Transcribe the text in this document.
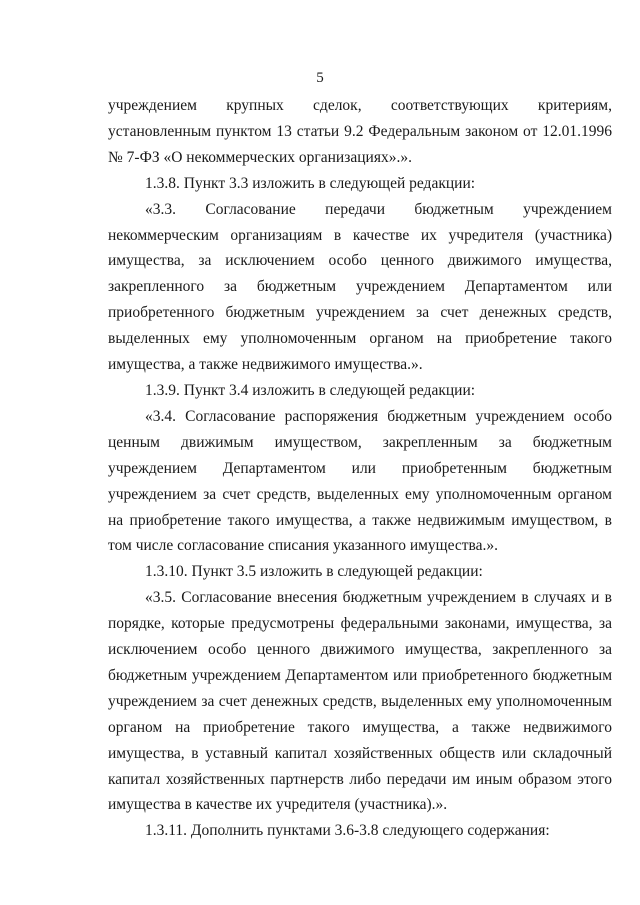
5

учреждением крупных сделок, соответствующих критериям, установленным пунктом 13 статьи 9.2 Федеральным законом от 12.01.1996 № 7-ФЗ «О некоммерческих организациях».».

1.3.8. Пункт 3.3 изложить в следующей редакции:

«3.3. Согласование передачи бюджетным учреждением некоммерческим организациям в качестве их учредителя (участника) имущества, за исключением особо ценного движимого имущества, закрепленного за бюджетным учреждением Департаментом или приобретенного бюджетным учреждением за счет денежных средств, выделенных ему уполномоченным органом на приобретение такого имущества, а также недвижимого имущества.».

1.3.9. Пункт 3.4 изложить в следующей редакции:

«3.4. Согласование распоряжения бюджетным учреждением особо ценным движимым имуществом, закрепленным за бюджетным учреждением Департаментом или приобретенным бюджетным учреждением за счет средств, выделенных ему уполномоченным органом на приобретение такого имущества, а также недвижимым имуществом, в том числе согласование списания указанного имущества.».

1.3.10. Пункт 3.5 изложить в следующей редакции:

«3.5. Согласование внесения бюджетным учреждением в случаях и в порядке, которые предусмотрены федеральными законами, имущества, за исключением особо ценного движимого имущества, закрепленного за бюджетным учреждением Департаментом или приобретенного бюджетным учреждением за счет денежных средств, выделенных ему уполномоченным органом на приобретение такого имущества, а также недвижимого имущества, в уставный капитал хозяйственных обществ или складочный капитал хозяйственных партнерств либо передачи им иным образом этого имущества в качестве их учредителя (участника).».

1.3.11. Дополнить пунктами 3.6-3.8 следующего содержания:
